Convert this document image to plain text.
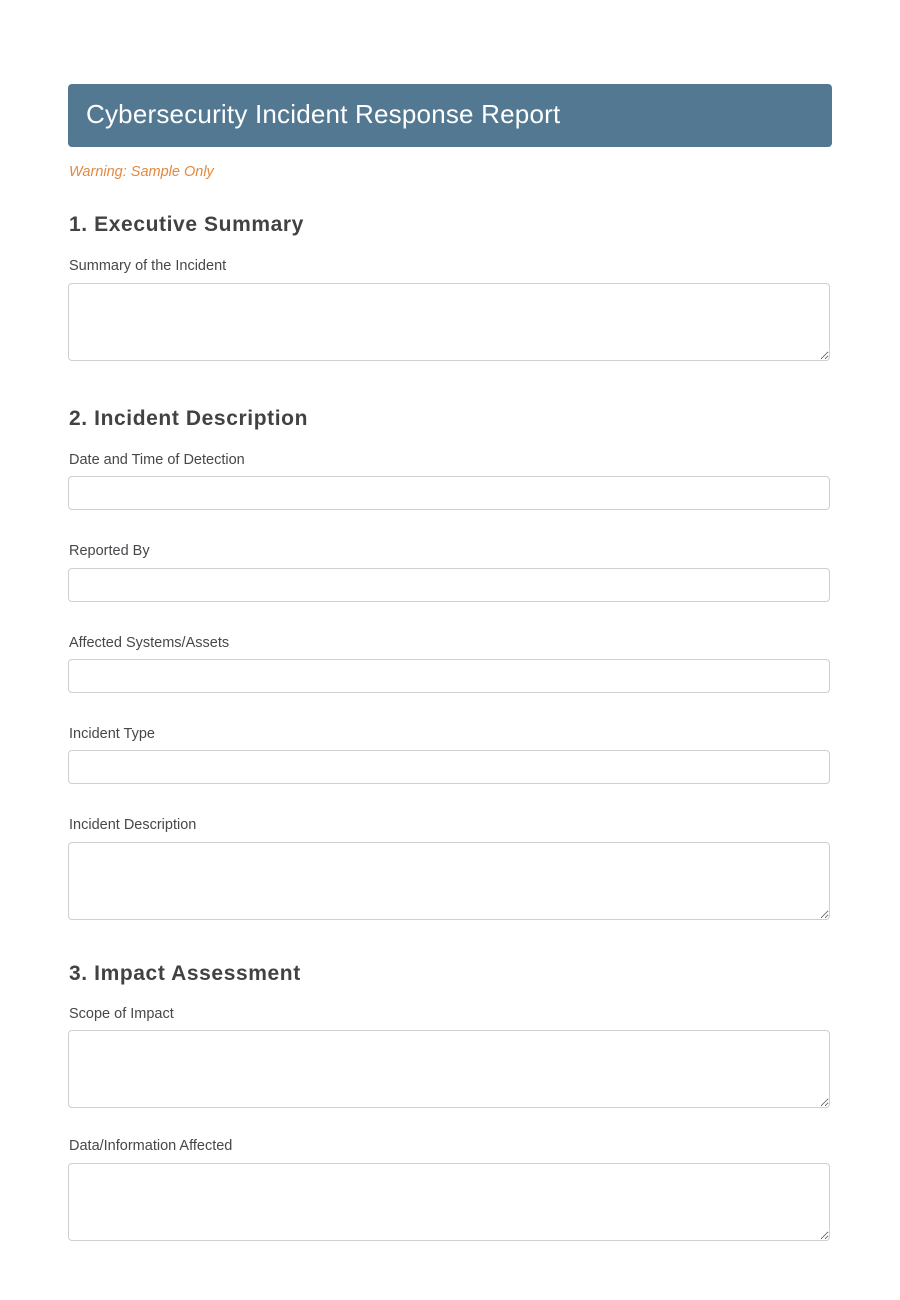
Cybersecurity Incident Response Report

Warning: Sample Only

1. Executive Summary
Summary of the Incident
2. Incident Description
Date and Time of Detection
Reported By
Affected Systems/Assets
Incident Type
Incident Description
3. Impact Assessment
Scope of Impact
Data/Information Affected
